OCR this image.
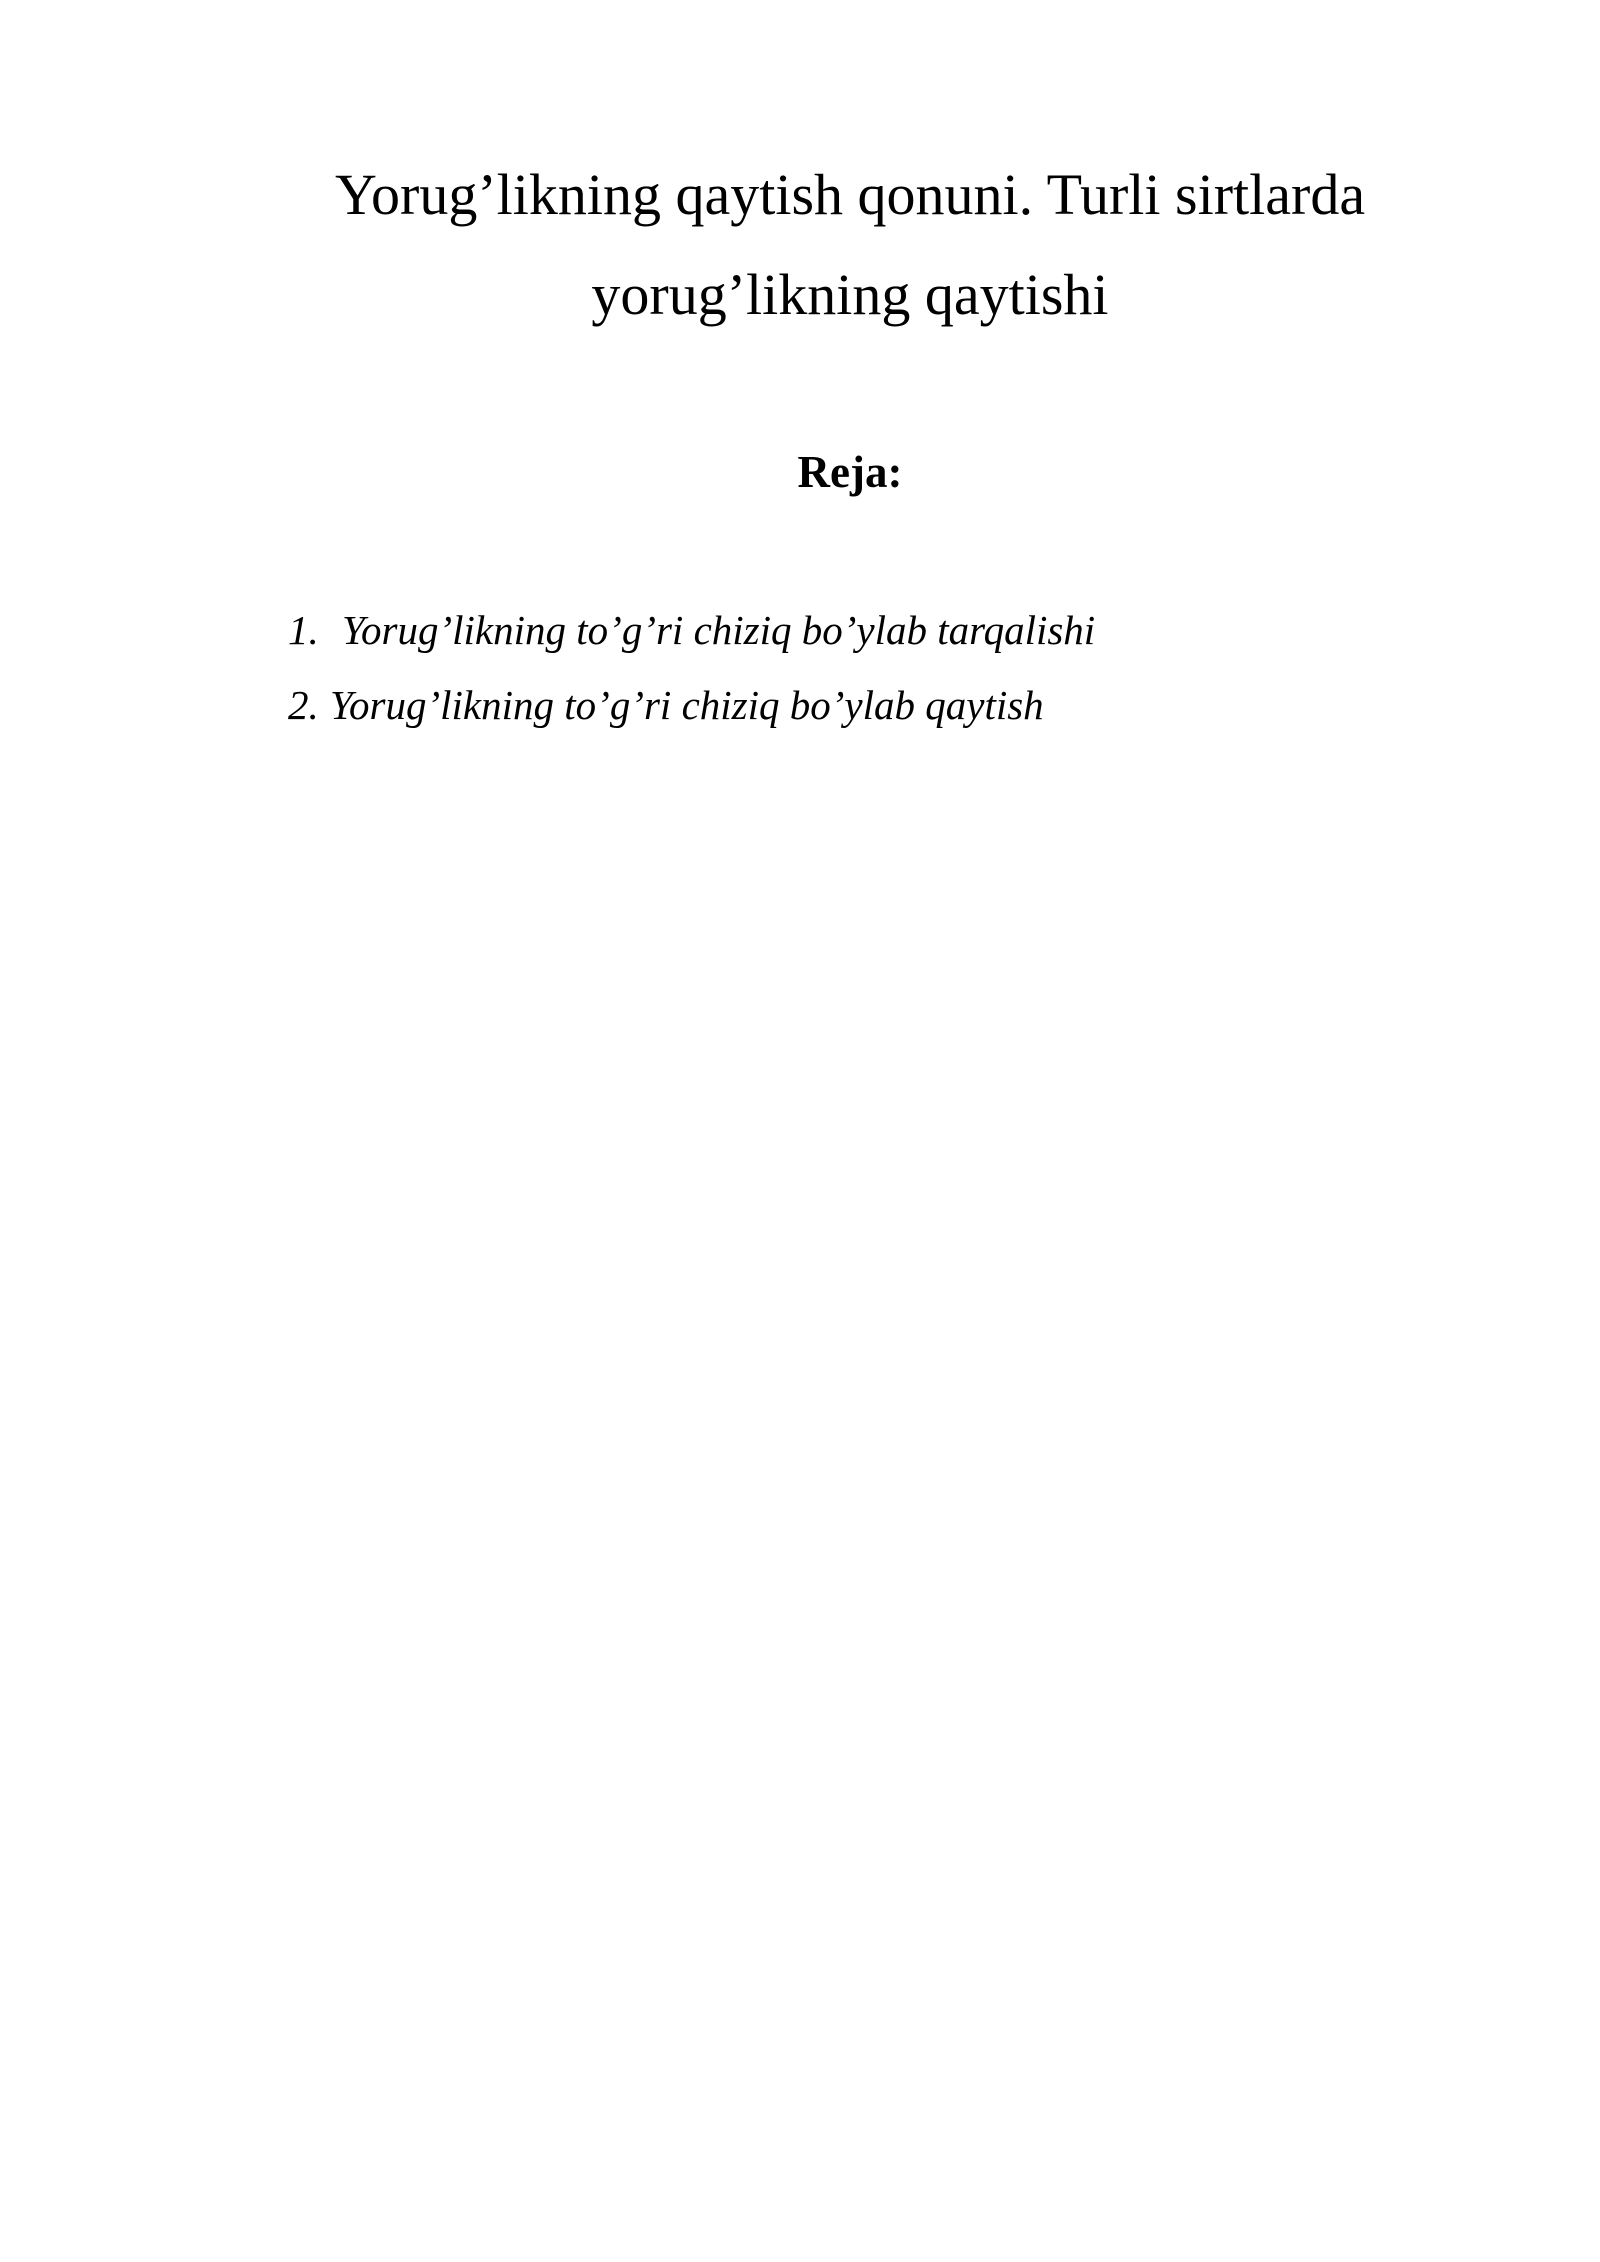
Yorug’likning qaytish qonuni. Turli sirtlarda
yorug’likning qaytishi
Reja:
1. Yorug’likning to’g’ri chiziq bo’ylab tarqalishi
2. Yorug’likning to’g’ri chiziq bo’ylab qaytish
